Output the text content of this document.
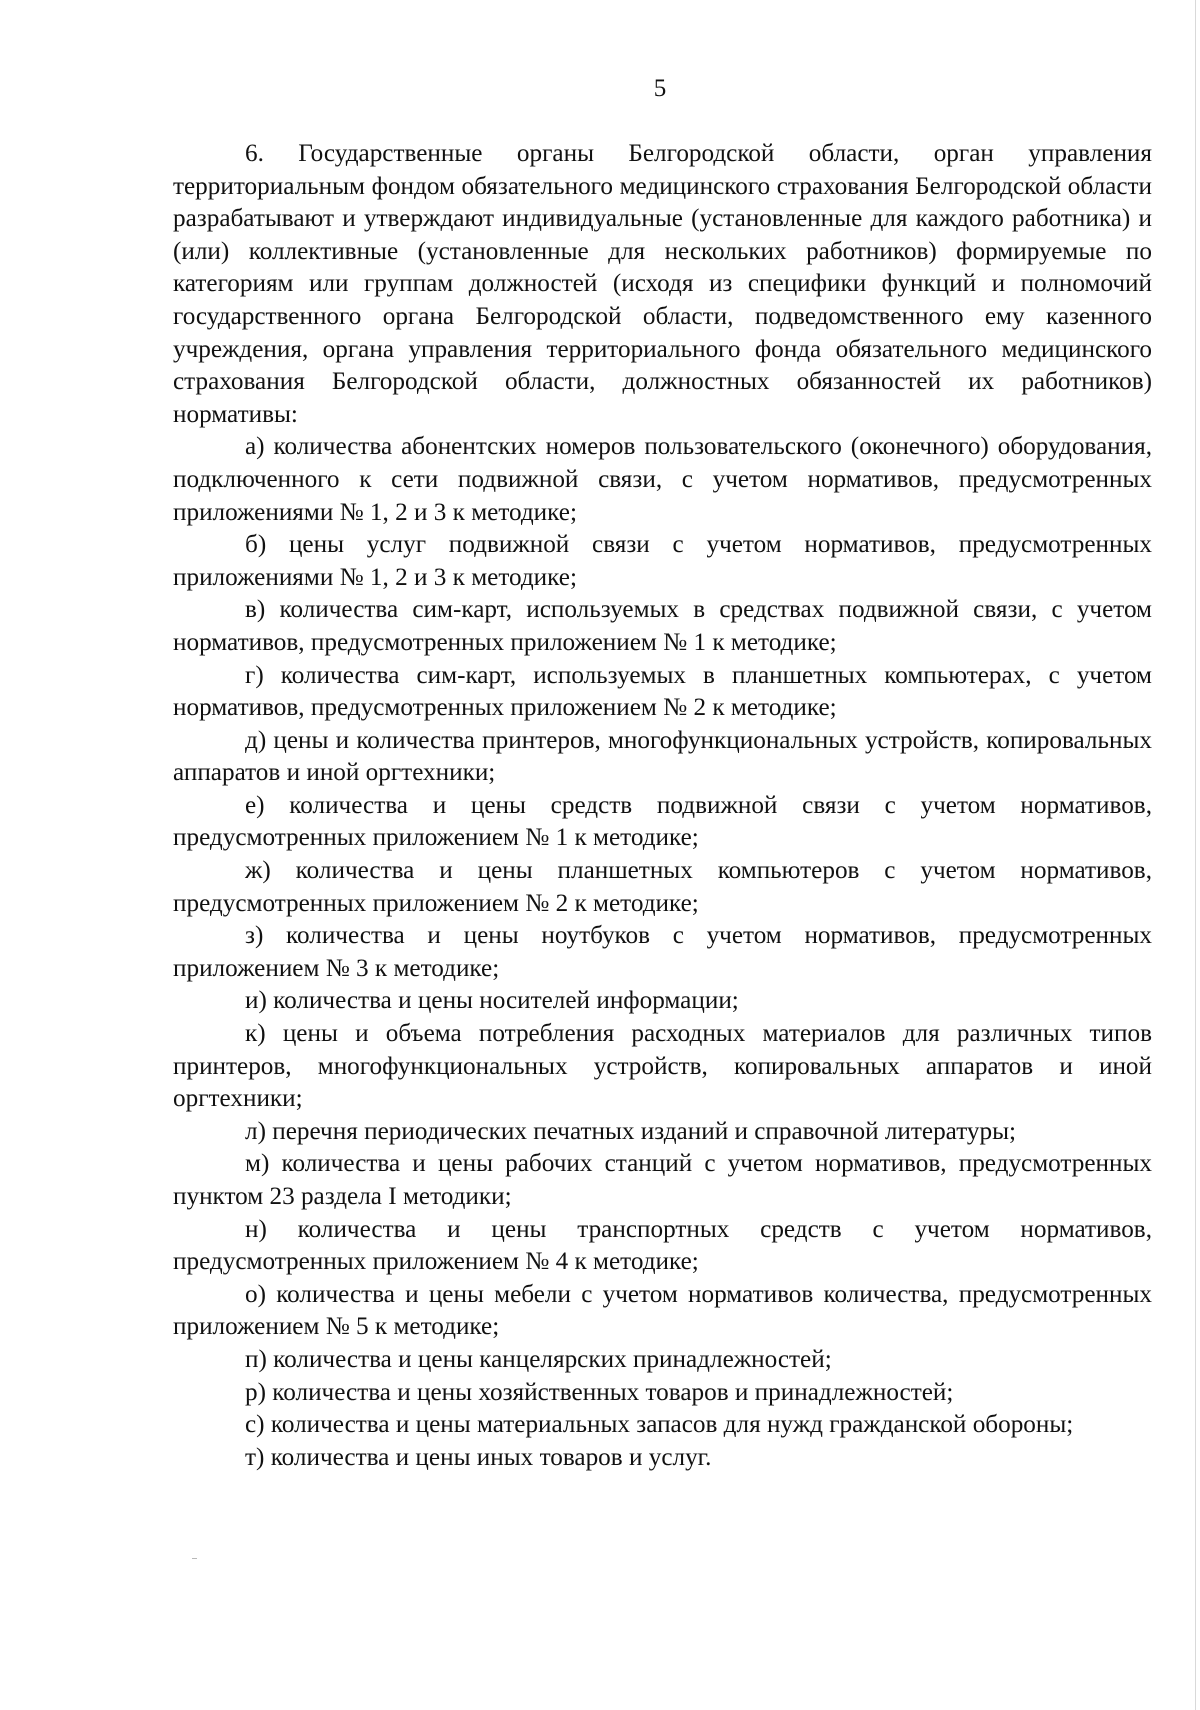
5

6. Государственные органы Белгородской области, орган управления территориальным фондом обязательного медицинского страхования Белгородской области разрабатывают и утверждают индивидуальные (установленные для каждого работника) и (или) коллективные (установленные для нескольких работников) формируемые по категориям или группам должностей (исходя из специфики функций и полномочий государственного органа Белгородской области, подведомственного ему казенного учреждения, органа управления территориального фонда обязательного медицинского страхования Белгородской области, должностных обязанностей их работников) нормативы:

а) количества абонентских номеров пользовательского (оконечного) оборудования, подключенного к сети подвижной связи, с учетом нормативов, предусмотренных приложениями № 1, 2 и 3 к методике;

б) цены услуг подвижной связи с учетом нормативов, предусмотренных приложениями № 1, 2 и 3 к методике;

в) количества сим-карт, используемых в средствах подвижной связи, с учетом нормативов, предусмотренных приложением № 1 к методике;

г) количества сим-карт, используемых в планшетных компьютерах, с учетом нормативов, предусмотренных приложением № 2 к методике;

д) цены и количества принтеров, многофункциональных устройств, копировальных аппаратов и иной оргтехники;

е) количества и цены средств подвижной связи с учетом нормативов, предусмотренных приложением № 1 к методике;

ж) количества и цены планшетных компьютеров с учетом нормативов, предусмотренных приложением № 2 к методике;

з) количества и цены ноутбуков с учетом нормативов, предусмотренных приложением № 3 к методике;

и) количества и цены носителей информации;

к) цены и объема потребления расходных материалов для различных типов принтеров, многофункциональных устройств, копировальных аппаратов и иной оргтехники;

л) перечня периодических печатных изданий и справочной литературы;

м) количества и цены рабочих станций с учетом нормативов, предусмотренных пунктом 23 раздела I методики;

н) количества и цены транспортных средств с учетом нормативов, предусмотренных приложением № 4 к методике;

о) количества и цены мебели с учетом нормативов количества, предусмотренных приложением № 5 к методике;

п) количества и цены канцелярских принадлежностей;

р) количества и цены хозяйственных товаров и принадлежностей;

с) количества и цены материальных запасов для нужд гражданской обороны;

т) количества и цены иных товаров и услуг.
